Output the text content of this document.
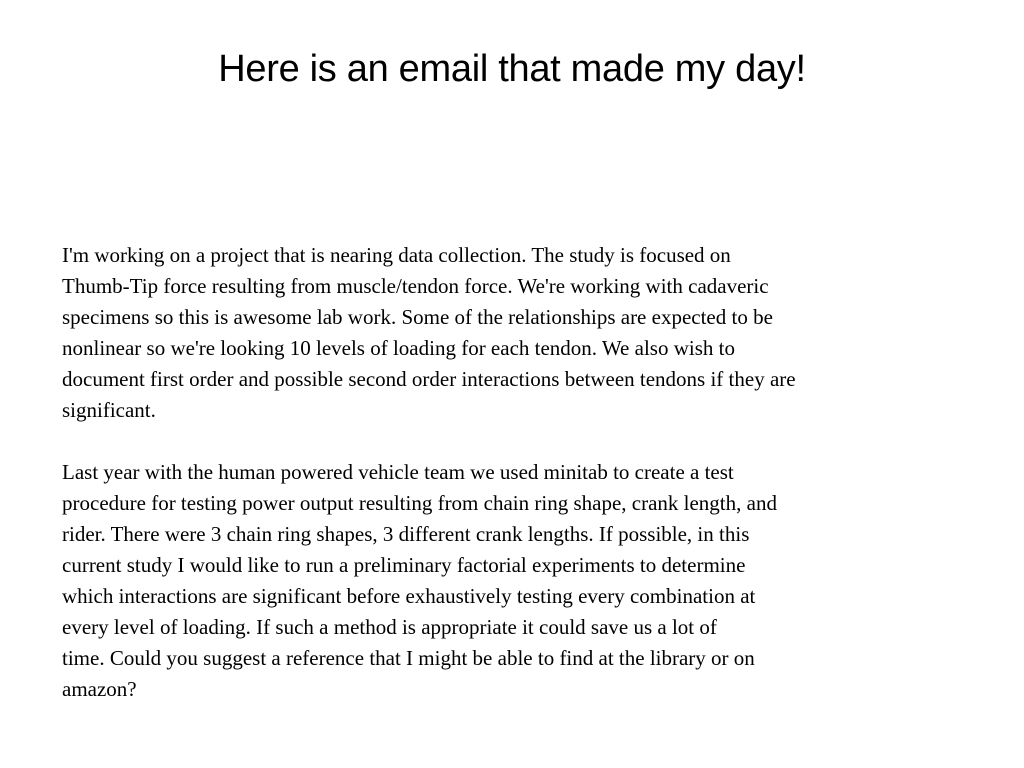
Here is an email that made my day!

I'm working on a project that is nearing data collection. The study is focused on
Thumb-Tip force resulting from muscle/tendon force. We're working with cadaveric
specimens so this is awesome lab work. Some of the relationships are expected to be
nonlinear so we're looking 10 levels of loading for each tendon. We also wish to
document first order and possible second order interactions between tendons if they are
significant.

Last year with the human powered vehicle team we used minitab to create a test
procedure for testing power output resulting from chain ring shape, crank length, and
rider. There were 3 chain ring shapes, 3 different crank lengths. If possible, in this
current study I would like to run a preliminary factorial experiments to determine
which interactions are significant before exhaustively testing every combination at
every level of loading. If such a method is appropriate it could save us a lot of
time. Could you suggest a reference that I might be able to find at the library or on
amazon?
